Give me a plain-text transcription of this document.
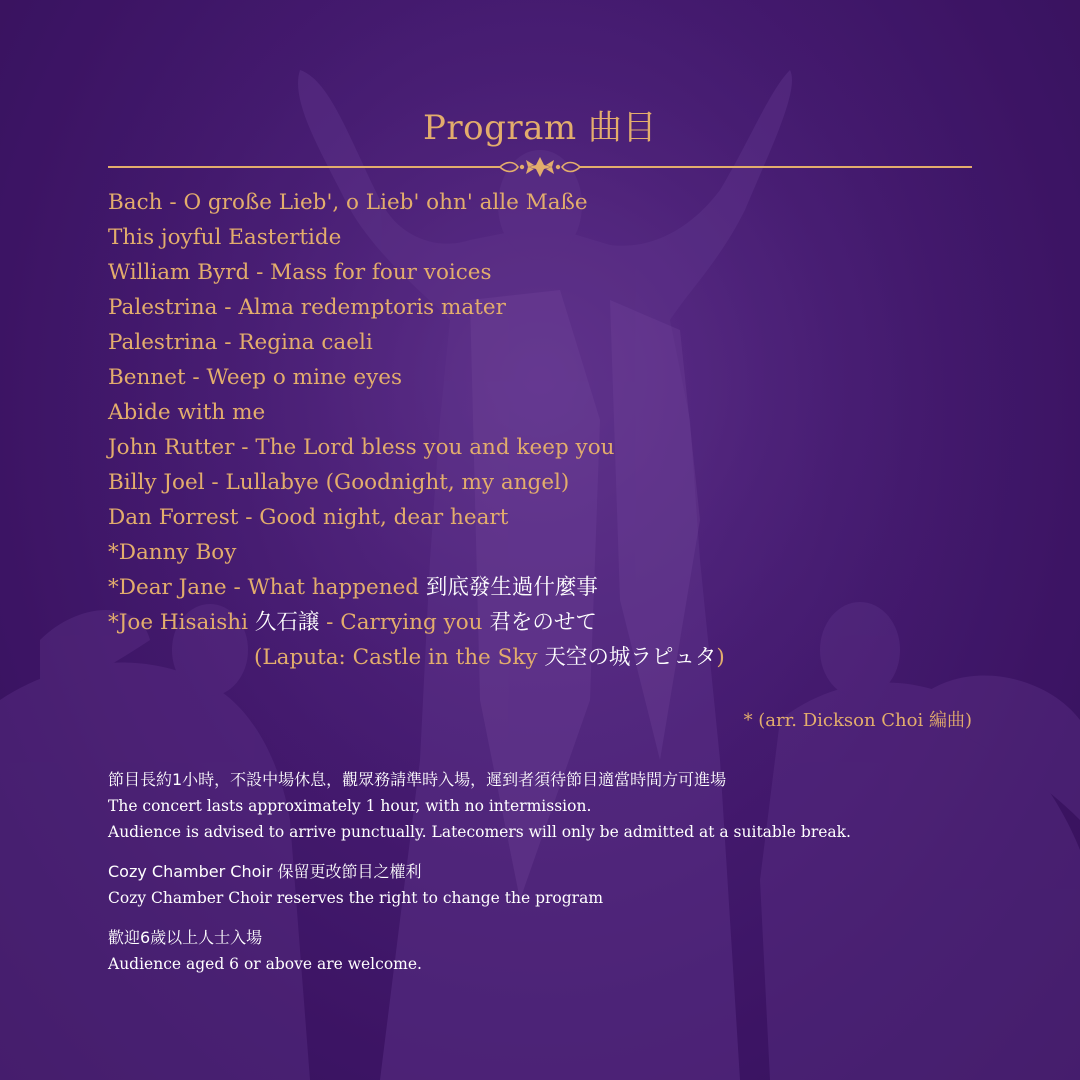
Program 曲目
Bach - O große Lieb', o Lieb' ohn' alle Maße
This joyful Eastertide
William Byrd - Mass for four voices
Palestrina - Alma redemptoris mater
Palestrina - Regina caeli
Bennet - Weep o mine eyes
Abide with me
John Rutter - The Lord bless you and keep you
Billy Joel - Lullabye (Goodnight, my angel)
Dan Forrest - Good night, dear heart
*Danny Boy
*Dear Jane - What happened 到底發生過什麼事
*Joe Hisaishi 久石譲 - Carrying you 君をのせて
(Laputa: Castle in the Sky 天空の城ラピュタ)
* (arr. Dickson Choi 編曲)
節目長約1小時，不設中場休息，觀眾務請準時入場，遲到者須待節目適當時間方可進場
The concert lasts approximately 1 hour, with no intermission.
Audience is advised to arrive punctually. Latecomers will only be admitted at a suitable break.
Cozy Chamber Choir 保留更改節目之權利
Cozy Chamber Choir reserves the right to change the program
歡迎6歲以上人士入場
Audience aged 6 or above are welcome.
